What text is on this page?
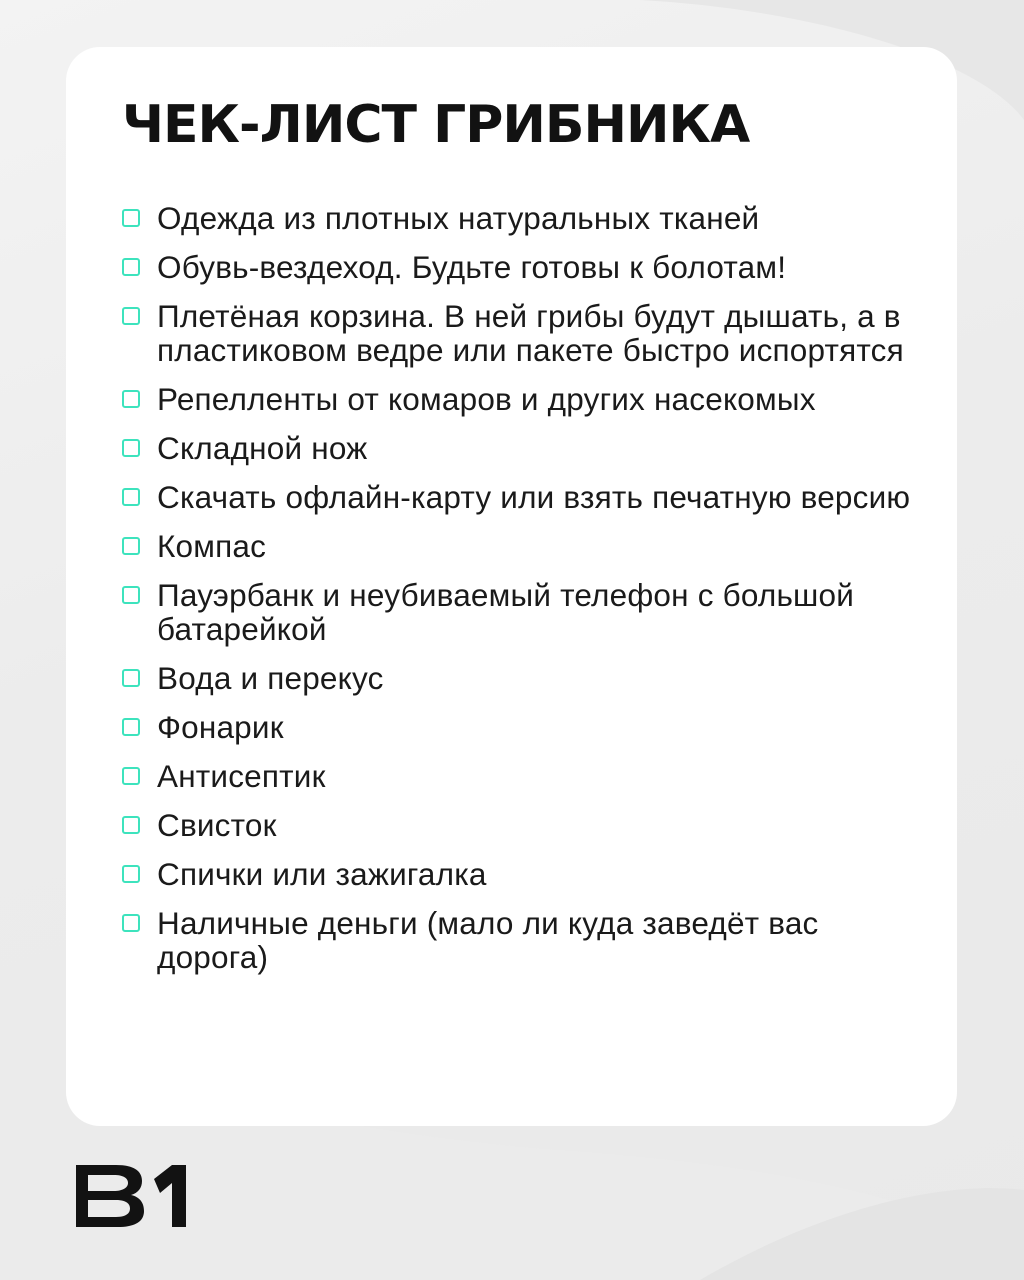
ЧЕК-ЛИСТ ГРИБНИКА
Одежда из плотных натуральных тканей
Обувь-вездеход. Будьте готовы к болотам!
Плетёная корзина. В ней грибы будут дышать, а в пластиковом ведре или пакете быстро испортятся
Репелленты от комаров и других насекомых
Складной нож
Скачать офлайн-карту или взять печатную версию
Компас
Пауэрбанк и неубиваемый телефон с большой батарейкой
Вода и перекус
Фонарик
Антисептик
Свисток
Спички или зажигалка
Наличные деньги (мало ли куда заведёт вас дорога)
